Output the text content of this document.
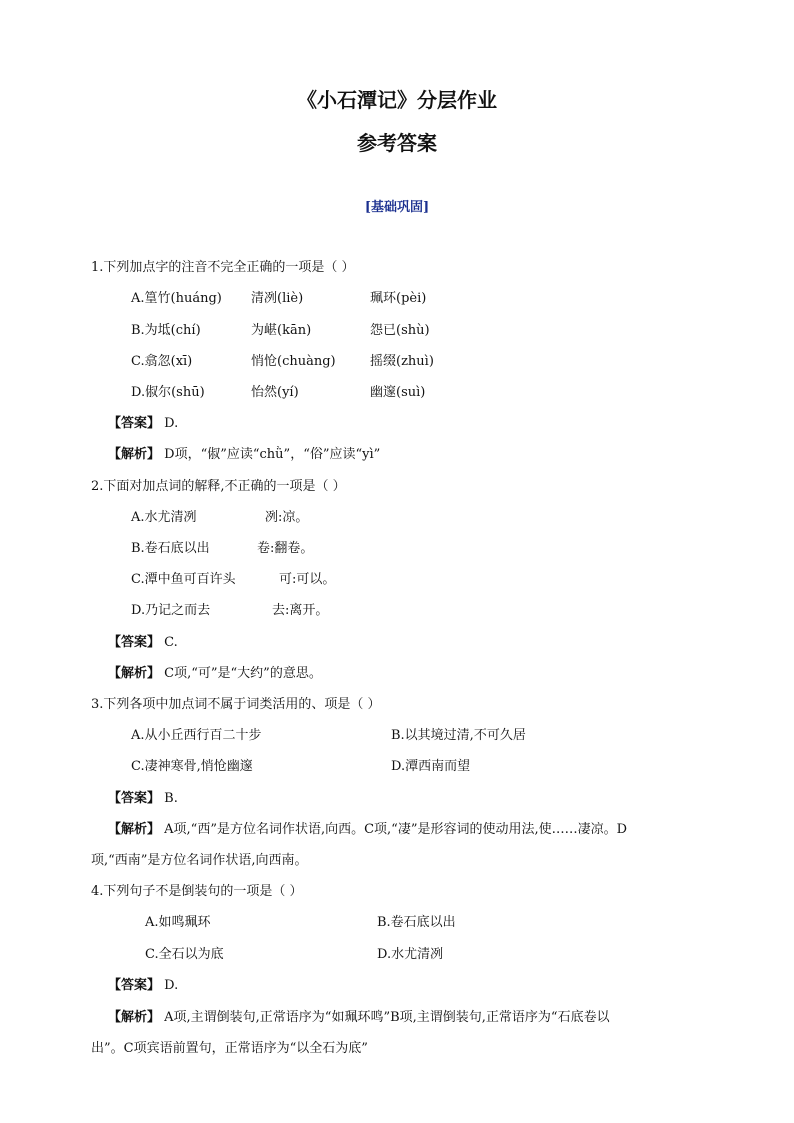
《小石潭记》分层作业
参考答案
[基础巩固]
1.下列加点字的注音不完全正确的一项是（ ）
A.篁竹(huáng) 清冽(liè)	珮环(pèi)
B.为坻(chí)	为嵁(kān)	怨已(shù)
C.翕忽(xī)	悄怆(chuàng)	摇缀(zhuì)
D.俶尔(shū)	怡然(yí)	幽邃(suì)
【答案】 D.
【解析】 D项，“俶”应读“chǜ”，“俗”应读“yì”
2.下面对加点词的解释,不正确的一项是（ ）
A.水尤清冽	冽:凉。
B.卷石底以出	卷:翻卷。
C.潭中鱼可百许头	可:可以。
D.乃记之而去	去:离开。
【答案】 C.
【解析】 C项,“可”是“大约”的意思。
3.下列各项中加点词不属于词类活用的、项是（ ）
A.从小丘西行百二十步	B.以其境过清,不可久居
C.凄神寒骨,悄怆幽邃	D.潭西南而望
【答案】 B.
【解析】 A项,“西”是方位名词作状语,向西。C项,“凄”是形容词的使动用法,使……凄凉。D
项,“西南”是方位名词作状语,向西南。
4.下列句子不是倒装句的一项是（ ）
A.如鸣珮环	B.卷石底以出
C.全石以为底	D.水尤清冽
【答案】 D.
【解析】 A项,主谓倒装句,正常语序为“如珮环鸣”B项,主谓倒装句,正常语序为“石底卷以
出”。C项宾语前置句，正常语序为“以全石为底”
